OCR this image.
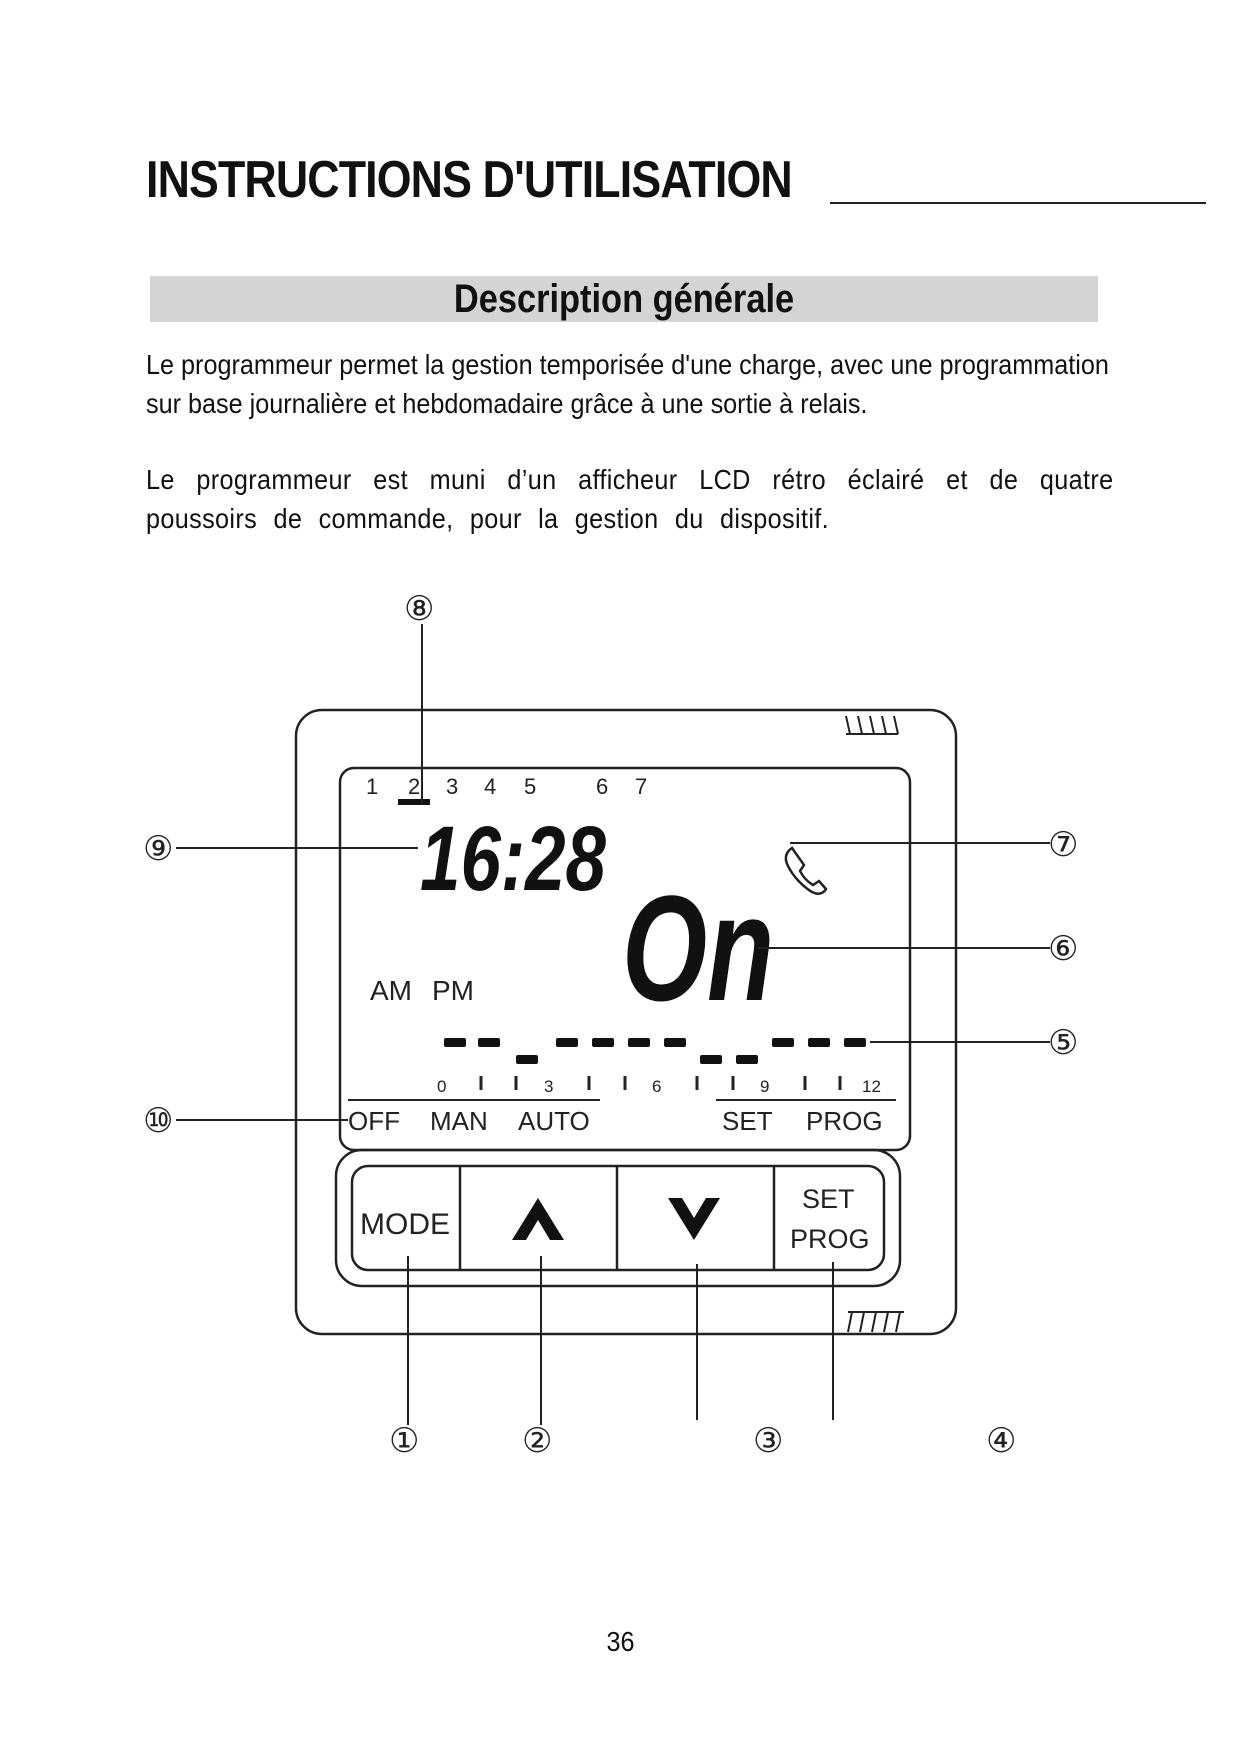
INSTRUCTIONS D'UTILISATION
Description générale

Le programmeur permet la gestion temporisée d'une charge, avec une programmation sur base journalière et hebdomadaire grâce à une sortie à relais.

Le programmeur est muni d’un afficheur LCD rétro éclairé et de quatre poussoirs de commande, pour la gestion du dispositif.

1 2 3 4 5	6 7
16:28
On
AM PM
0	3	6	9	12
OFF MAN AUTO	SET PROG
MODE
SET
PROG
①	②	③	④
⑤
⑥
⑦
⑧
⑨
⑩
36
